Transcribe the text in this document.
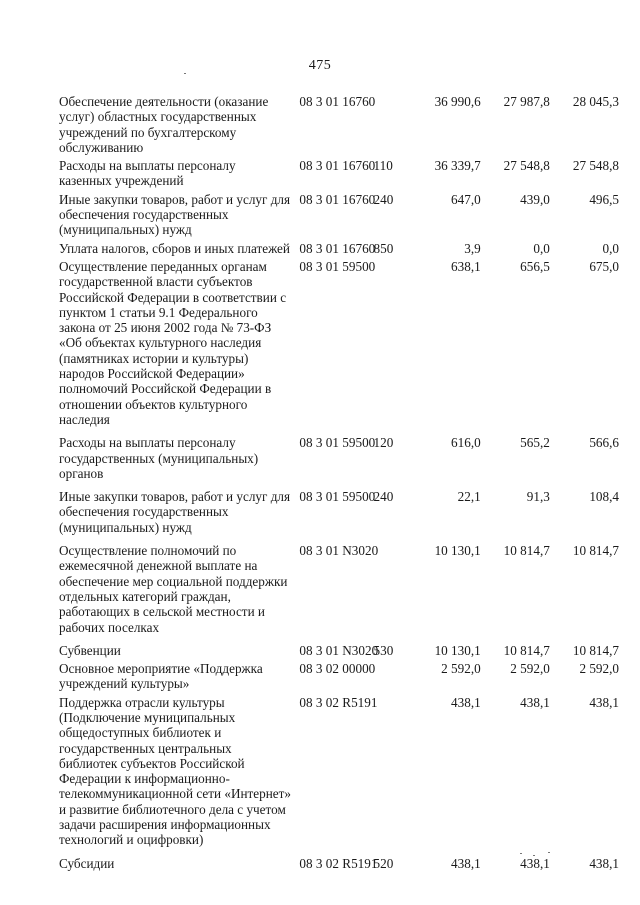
475
Обеспечение деятельности (оказание услуг) областных государственных учреждений по бухгалтерскому обслуживанию	08 3 01 16760		36 990,6	27 987,8	28 045,3
Расходы на выплаты персоналу казенных учреждений	08 3 01 16760	110	36 339,7	27 548,8	27 548,8
Иные закупки товаров, работ и услуг для обеспечения государственных (муниципальных) нужд	08 3 01 16760	240	647,0	439,0	496,5
Уплата налогов, сборов и иных платежей	08 3 01 16760	850	3,9	0,0	0,0
Осуществление переданных органам государственной власти субъектов Российской Федерации в соответствии с пунктом 1 статьи 9.1 Федерального закона от 25 июня 2002 года № 73-ФЗ «Об объектах культурного наследия (памятниках истории и культуры) народов Российской Федерации» полномочий Российской Федерации в отношении объектов культурного наследия	08 3 01 59500		638,1	656,5	675,0
Расходы на выплаты персоналу государственных (муниципальных) органов	08 3 01 59500	120	616,0	565,2	566,6
Иные закупки товаров, работ и услуг для обеспечения государственных (муниципальных) нужд	08 3 01 59500	240	22,1	91,3	108,4
Осуществление полномочий по ежемесячной денежной выплате на обеспечение мер социальной поддержки отдельных категорий граждан, работающих в сельской местности и рабочих поселках	08 3 01 N3020		10 130,1	10 814,7	10 814,7
Субвенции	08 3 01 N3020	530	10 130,1	10 814,7	10 814,7
Основное мероприятие «Поддержка учреждений культуры»	08 3 02 00000		2 592,0	2 592,0	2 592,0
Поддержка отрасли культуры (Подключение муниципальных общедоступных библиотек и государственных центральных библиотек субъектов Российской Федерации к информационно-телекоммуникационной сети «Интернет» и развитие библиотечного дела с учетом задачи расширения информационных технологий и оцифровки)	08 3 02 R5191		438,1	438,1	438,1
Субсидии	08 3 02 R5191	520	438,1	438,1	438,1
